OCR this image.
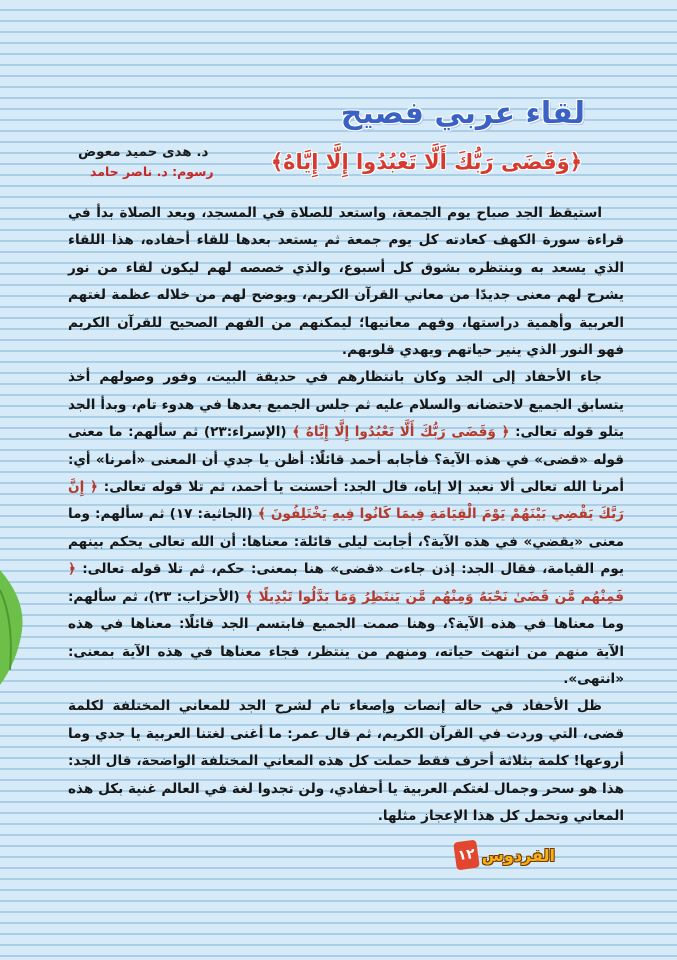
لقاء عربي فصيح
﴿وَقَضَى رَبُّكَ أَلَّا تَعْبُدُوا إِلَّا إِيَّاهُ﴾
د. هدى حميد معوض
رسوم: د. ناصر حامد

استيقظ الجد صباح يوم الجمعة، واستعد للصلاة في المسجد، وبعد الصلاة بدأ في قراءة سورة الكهف كعادته كل يوم جمعة ثم يستعد بعدها للقاء أحفاده، هذا اللقاء الذي يسعد به وينتظره بشوق كل أسبوع، والذي خصصه لهم ليكون لقاء من نور يشرح لهم معنى جديدًا من معاني القرآن الكريم، ويوضح لهم من خلاله عظمة لغتهم العربية وأهمية دراستها، وفهم معانيها؛ ليمكنهم من الفهم الصحيح للقرآن الكريم فهو النور الذي ينير حياتهم ويهدي قلوبهم.

جاء الأحفاد إلى الجد وكان بانتظارهم في حديقة البيت، وفور وصولهم أخذ يتسابق الجميع لاحتضانه والسلام عليه ثم جلس الجميع بعدها في هدوء تام، وبدأ الجد يتلو قوله تعالى: ﴿ وَقَضَى رَبُّكَ أَلَّا تَعْبُدُوا إِلَّا إِيَّاهُ ﴾ (الإسراء:٢٣) ثم سألهم: ما معنى قوله «قضى» في هذه الآية؟ فأجابه أحمد قائلًا: أظن يا جدي أن المعنى «أمرنا» أي: أمرنا الله تعالى ألا نعبد إلا إياه، قال الجد: أحسنت يا أحمد، ثم تلا قوله تعالى: ﴿ إِنَّ رَبَّكَ يَقْضِي بَيْنَهُمْ يَوْمَ الْقِيَامَةِ فِيمَا كَانُوا فِيهِ يَخْتَلِفُونَ ﴾ (الجاثية: ١٧) ثم سألهم: وما معنى «يقضي» في هذه الآية؟، أجابت ليلى قائلة: معناها: أن الله تعالى يحكم بينهم يوم القيامة، فقال الجد: إذن جاءت «قضى» هنا بمعنى: حكم، ثم تلا قوله تعالى: ﴿ فَمِنْهُم مَّن قَضَىٰ نَحْبَهُ وَمِنْهُم مَّن يَنتَظِرُ وَمَا بَدَّلُوا تَبْدِيلًا ﴾ (الأحزاب: ٢٣)، ثم سألهم: وما معناها في هذه الآية؟، وهنا صمت الجميع فابتسم الجد قائلًا: معناها في هذه الآية منهم من انتهت حياته، ومنهم من ينتظر، فجاء معناها في هذه الآية بمعنى: «انتهى».

ظل الأحفاد في حالة إنصات وإصغاء تام لشرح الجد للمعاني المختلفة لكلمة قضى، التي وردت في القرآن الكريم، ثم قال عمر: ما أغنى لغتنا العربية يا جدي وما أروعها! كلمة بثلاثة أحرف فقط حملت كل هذه المعاني المختلفة الواضحة، قال الجد: هذا هو سحر وجمال لغتكم العربية يا أحفادي، ولن تجدوا لغة في العالم غنية بكل هذه المعاني وتحمل كل هذا الإعجاز مثلها.

١٢ الفردوس
